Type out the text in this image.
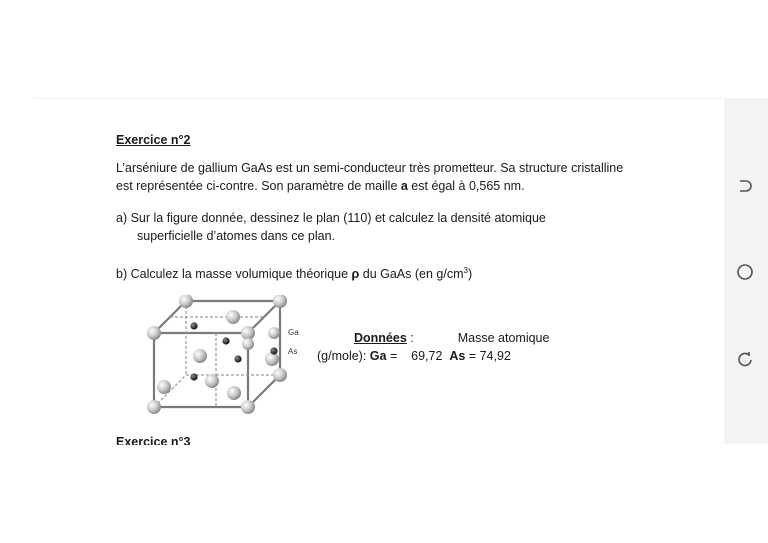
Exercice n°2
L’arséniure de gallium GaAs est un semi-conducteur très prometteur. Sa structure cristalline
est représentée ci-contre. Son paramètre de maille a est égal à 0,565 nm.
a) Sur la figure donnée, dessinez le plan (110) et calculez la densité atomique
superficielle d’atomes dans ce plan.
b) Calculez la masse volumique théorique ρ du GaAs (en $g/cm^3$)
Ga
As
Données :	Masse atomique
(g/mole): Ga =    69,72  As = 74,92
Exercice n°3
